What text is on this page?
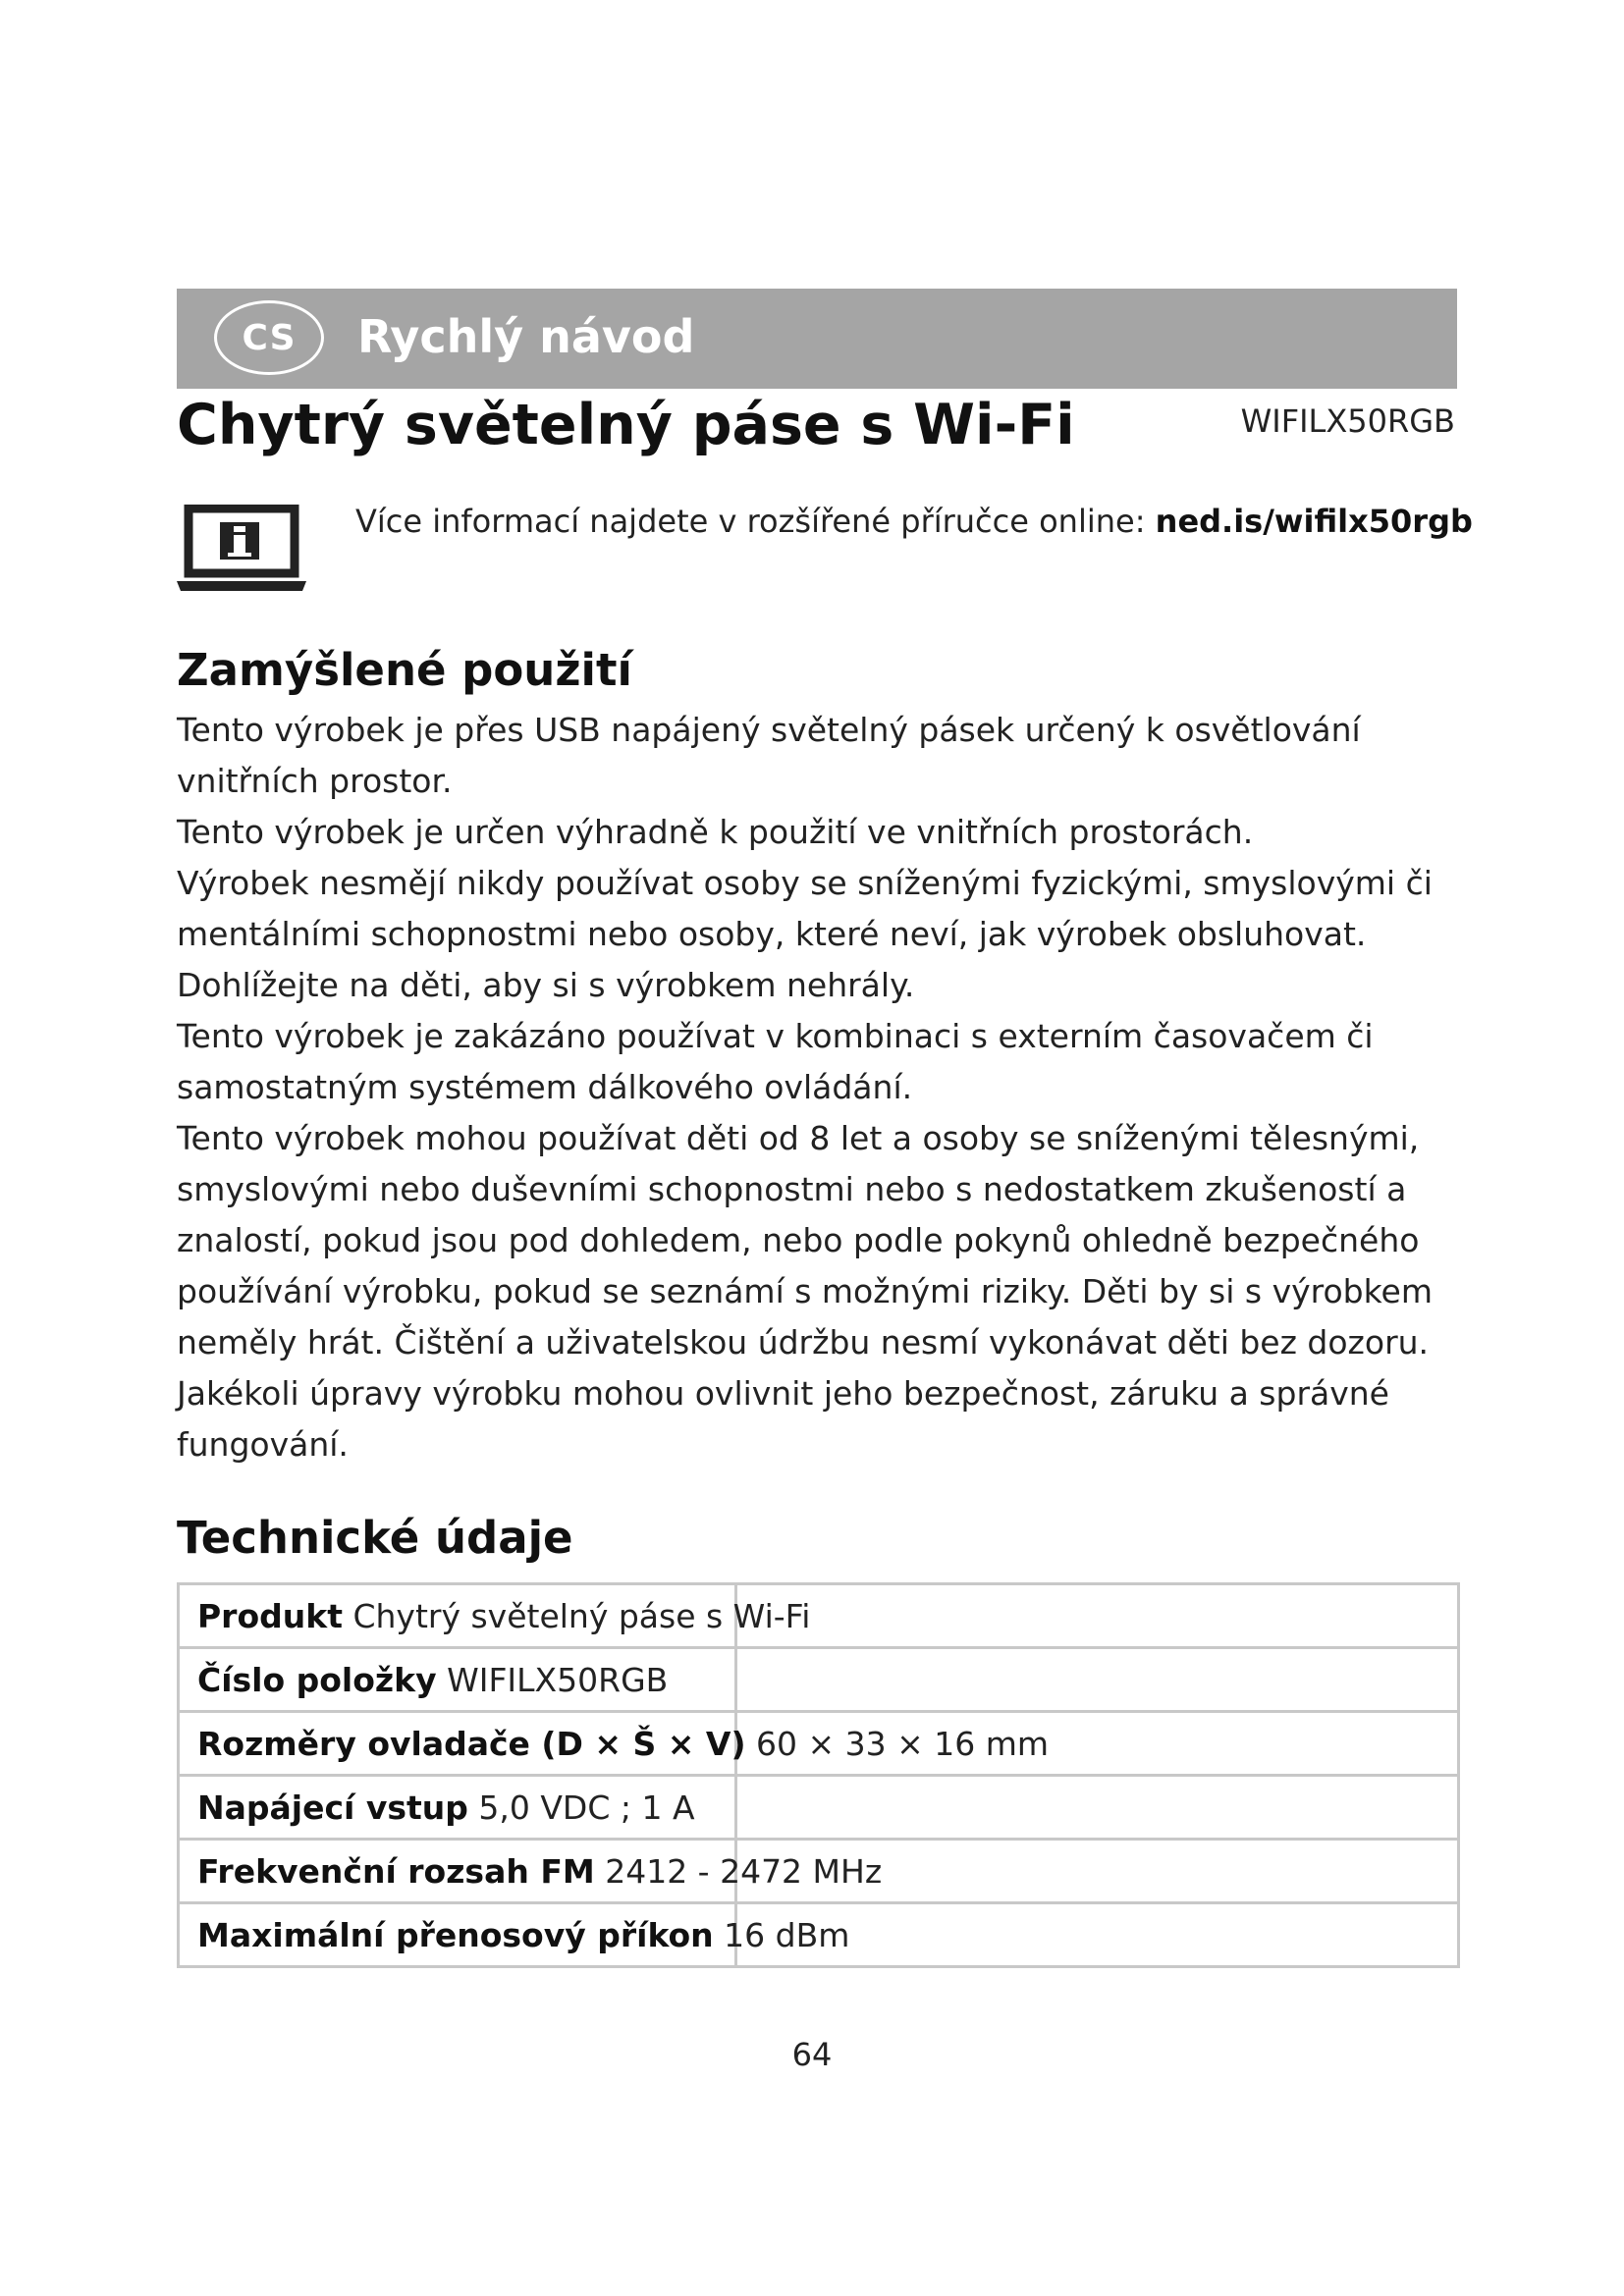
CS	Rychlý návod
Chytrý světelný páse s Wi-Fi	WIFILX50RGB
Více informací najdete v rozšířené příručce online: ned.is/wifilx50rgb
Zamýšlené použití

Tento výrobek je přes USB napájený světelný pásek určený k osvětlování vnitřních prostor.

Tento výrobek je určen výhradně k použití ve vnitřních prostorách.

Výrobek nesmějí nikdy používat osoby se sníženými fyzickými, smyslovými či mentálními schopnostmi nebo osoby, které neví, jak výrobek obsluhovat. Dohlížejte na děti, aby si s výrobkem nehrály.

Tento výrobek je zakázáno používat v kombinaci s externím časovačem či samostatným systémem dálkového ovládání.

Tento výrobek mohou používat děti od 8 let a osoby se sníženými tělesnými, smyslovými nebo duševními schopnostmi nebo s nedostatkem zkušeností a znalostí, pokud jsou pod dohledem, nebo podle pokynů ohledně bezpečného používání výrobku, pokud se seznámí s možnými riziky. Děti by si s výrobkem neměly hrát. Čištění a uživatelskou údržbu nesmí vykonávat děti bez dozoru.

Jakékoli úpravy výrobku mohou ovlivnit jeho bezpečnost, záruku a správné fungování.

Technické údaje
Produkt Chytrý světelný páse s Wi-Fi	
Číslo položky WIFILX50RGB	
Rozměry ovladače (D × Š × V) 60 × 33 × 16 mm	
Napájecí vstup 5,0 VDC ; 1 A	
Frekvenční rozsah FM 2412 - 2472 MHz	
Maximální přenosový příkon 16 dBm	
64
